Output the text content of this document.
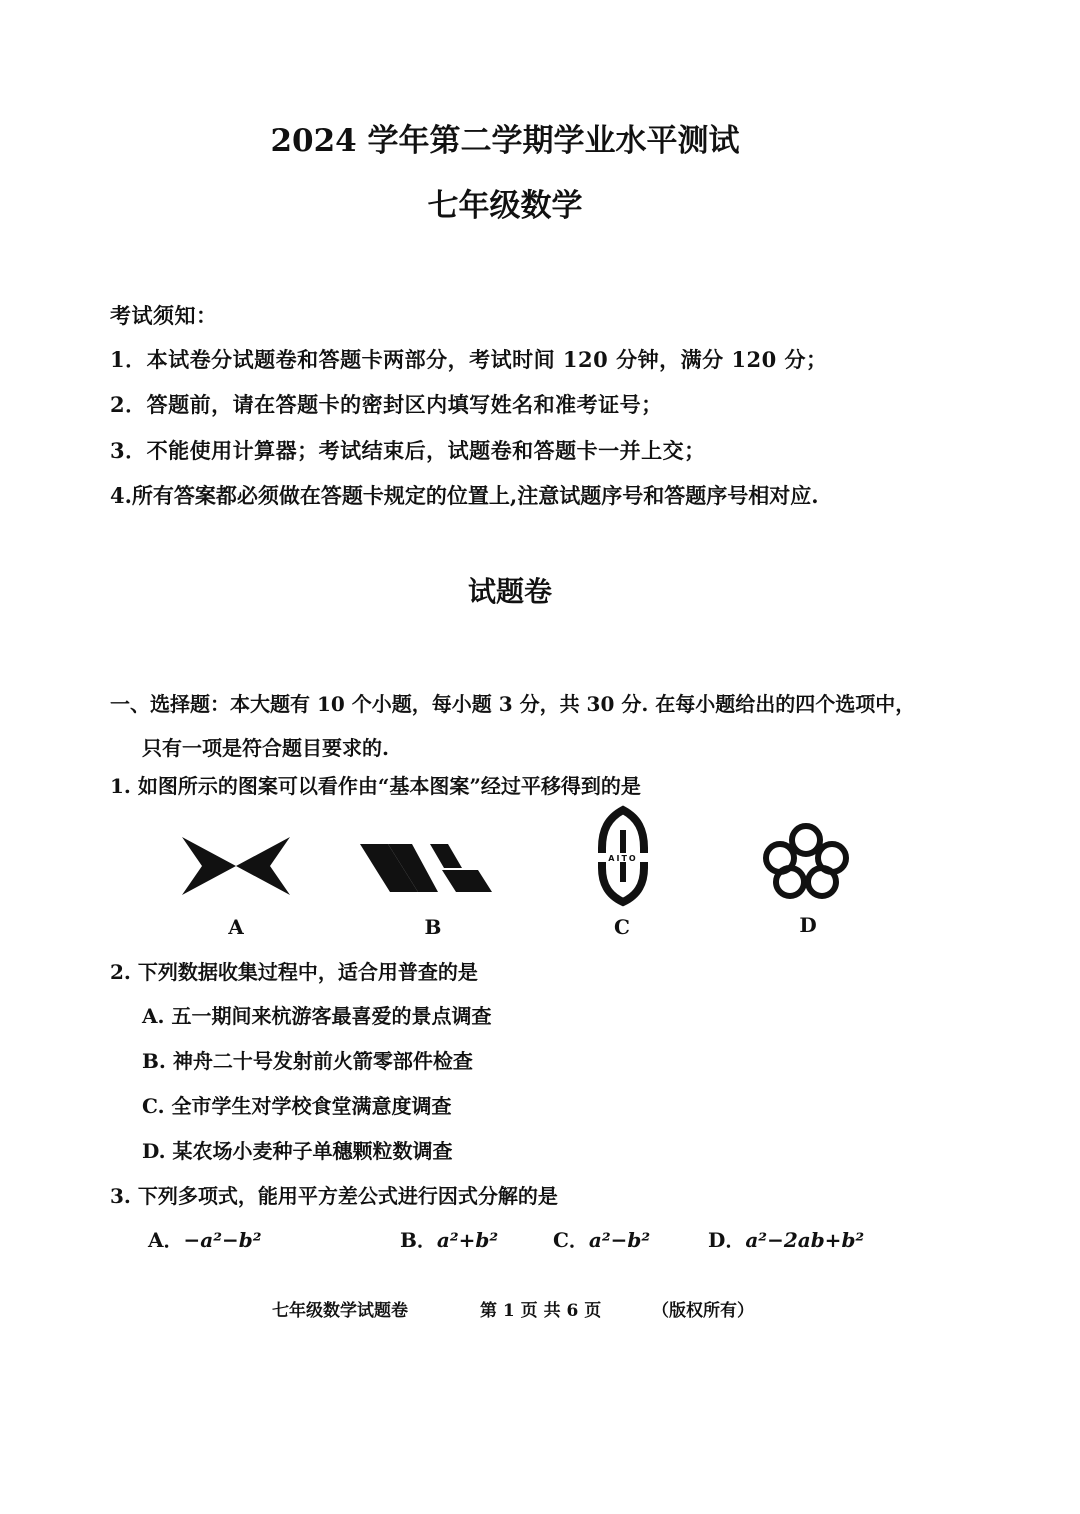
2024 学年第二学期学业水平测试
七年级数学
考试须知：
1．本试卷分试题卷和答题卡两部分，考试时间 120 分钟，满分 120 分；
2．答题前，请在答题卡的密封区内填写姓名和准考证号；
3．不能使用计算器；考试结束后，试题卷和答题卡一并上交；
4.所有答案都必须做在答题卡规定的位置上,注意试题序号和答题序号相对应.
试题卷
一、选择题：本大题有 10 个小题，每小题 3 分，共 30 分. 在每小题给出的四个选项中，
只有一项是符合题目要求的.
1. 如图所示的图案可以看作由“基本图案”经过平移得到的是
A	B
AITO
C	D
2. 下列数据收集过程中，适合用普查的是
A. 五一期间来杭游客最喜爱的景点调查
B. 神舟二十号发射前火箭零部件检查
C. 全市学生对学校食堂满意度调查
D. 某农场小麦种子单穗颗粒数调查
3. 下列多项式，能用平方差公式进行因式分解的是
A．−a²−b²	B．a²+b²	C．a²−b²	D．a²−2ab+b²
七年级数学试题卷	第 1 页 共 6 页	（版权所有）
